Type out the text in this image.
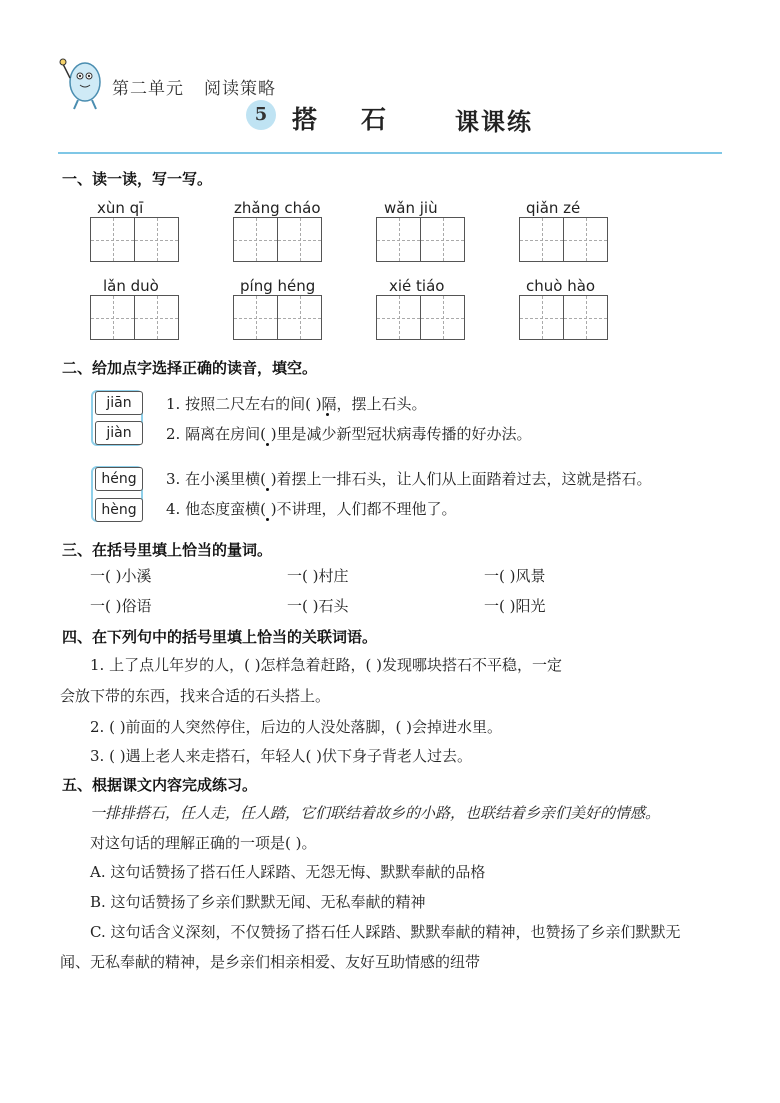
第二单元 阅读策略
5 搭石 课课练
一、读一读，写一写。
xùn qī	zhǎng cháo	wǎn jiù	qiǎn zé
lǎn duò	píng héng	xié tiáo	chuò hào
二、给加点字选择正确的读音，填空。
jiān
jiàn
1. 按照二尺左右的间( )隔，摆上石头。
2. 隔离在房间( )里是减少新型冠状病毒传播的好办法。
héng
hèng
3. 在小溪里横( )着摆上一排石头，让人们从上面踏着过去，这就是搭石。
4. 他态度蛮横( )不讲理，人们都不理他了。
三、在括号里填上恰当的量词。
一( )小溪	一( )村庄	一( )风景
一( )俗语	一( )石头	一( )阳光
四、在下列句中的括号里填上恰当的关联词语。
1. 上了点儿年岁的人，( )怎样急着赶路，( )发现哪块搭石不平稳，一定
会放下带的东西，找来合适的石头搭上。
2. ( )前面的人突然停住，后边的人没处落脚，( )会掉进水里。
3. ( )遇上老人来走搭石，年轻人( )伏下身子背老人过去。
五、根据课文内容完成练习。
一排排搭石，任人走，任人踏，它们联结着故乡的小路，也联结着乡亲们美好的情感。
对这句话的理解正确的一项是( )。
A. 这句话赞扬了搭石任人踩踏、无怨无悔、默默奉献的品格
B. 这句话赞扬了乡亲们默默无闻、无私奉献的精神
C. 这句话含义深刻，不仅赞扬了搭石任人踩踏、默默奉献的精神，也赞扬了乡亲们默默无
闻、无私奉献的精神，是乡亲们相亲相爱、友好互助情感的纽带
